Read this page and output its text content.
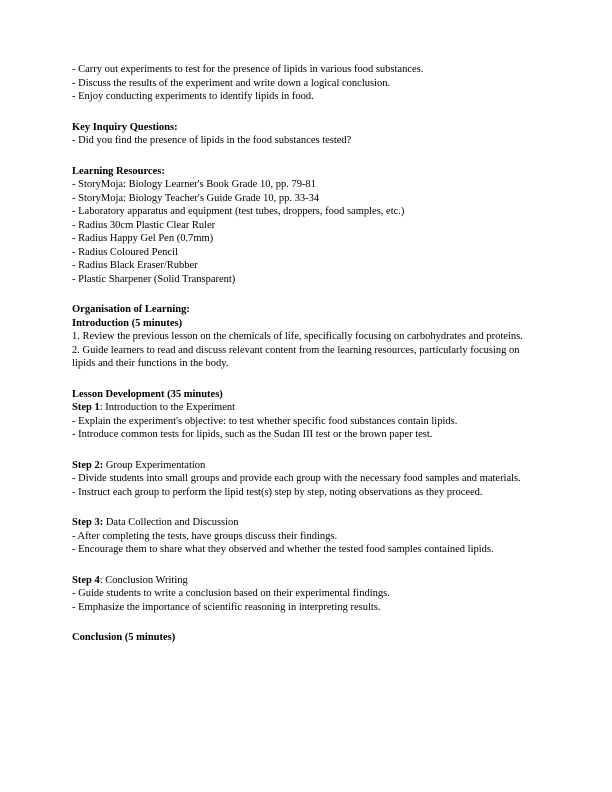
- Carry out experiments to test for the presence of lipids in various food substances.

- Discuss the results of the experiment and write down a logical conclusion.

- Enjoy conducting experiments to identify lipids in food.

Key Inquiry Questions:

- Did you find the presence of lipids in the food substances tested?

Learning Resources:

- StoryMoja: Biology Learner's Book Grade 10, pp. 79-81

- StoryMoja: Biology Teacher's Guide Grade 10, pp. 33-34

- Laboratory apparatus and equipment (test tubes, droppers, food samples, etc.)

- Radius 30cm Plastic Clear Ruler

- Radius Happy Gel Pen (0.7mm)

- Radius Coloured Pencil

- Radius Black Eraser/Rubber

- Plastic Sharpener (Solid Transparent)

Organisation of Learning:

Introduction (5 minutes)

1. Review the previous lesson on the chemicals of life, specifically focusing on carbohydrates and proteins.

2. Guide learners to read and discuss relevant content from the learning resources, particularly focusing on lipids and their functions in the body.

Lesson Development (35 minutes)

Step 1: Introduction to the Experiment

- Explain the experiment's objective: to test whether specific food substances contain lipids.

- Introduce common tests for lipids, such as the Sudan III test or the brown paper test.

Step 2: Group Experimentation

- Divide students into small groups and provide each group with the necessary food samples and materials.

- Instruct each group to perform the lipid test(s) step by step, noting observations as they proceed.

Step 3: Data Collection and Discussion

- After completing the tests, have groups discuss their findings.

- Encourage them to share what they observed and whether the tested food samples contained lipids.

Step 4: Conclusion Writing

- Guide students to write a conclusion based on their experimental findings.

- Emphasize the importance of scientific reasoning in interpreting results.

Conclusion (5 minutes)
